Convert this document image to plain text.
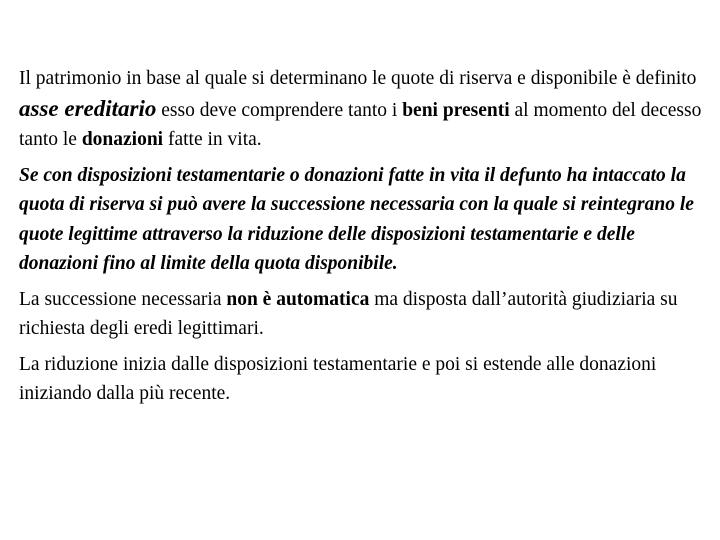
Il patrimonio in base al quale si determinano le quote di riserva e disponibile è definito asse ereditario esso deve comprendere tanto i beni presenti al momento del decesso tanto le donazioni fatte in vita.

Se con disposizioni testamentarie o donazioni fatte in vita il defunto ha intaccato la quota di riserva si può avere la successione necessaria con la quale si reintegrano le quote legittime attraverso la riduzione delle disposizioni testamentarie e delle donazioni fino al limite della quota disponibile.

La successione necessaria non è automatica ma disposta dall’autorità giudiziaria su richiesta degli eredi legittimari.

La riduzione inizia dalle disposizioni testamentarie e poi si estende alle donazioni iniziando dalla più recente.
